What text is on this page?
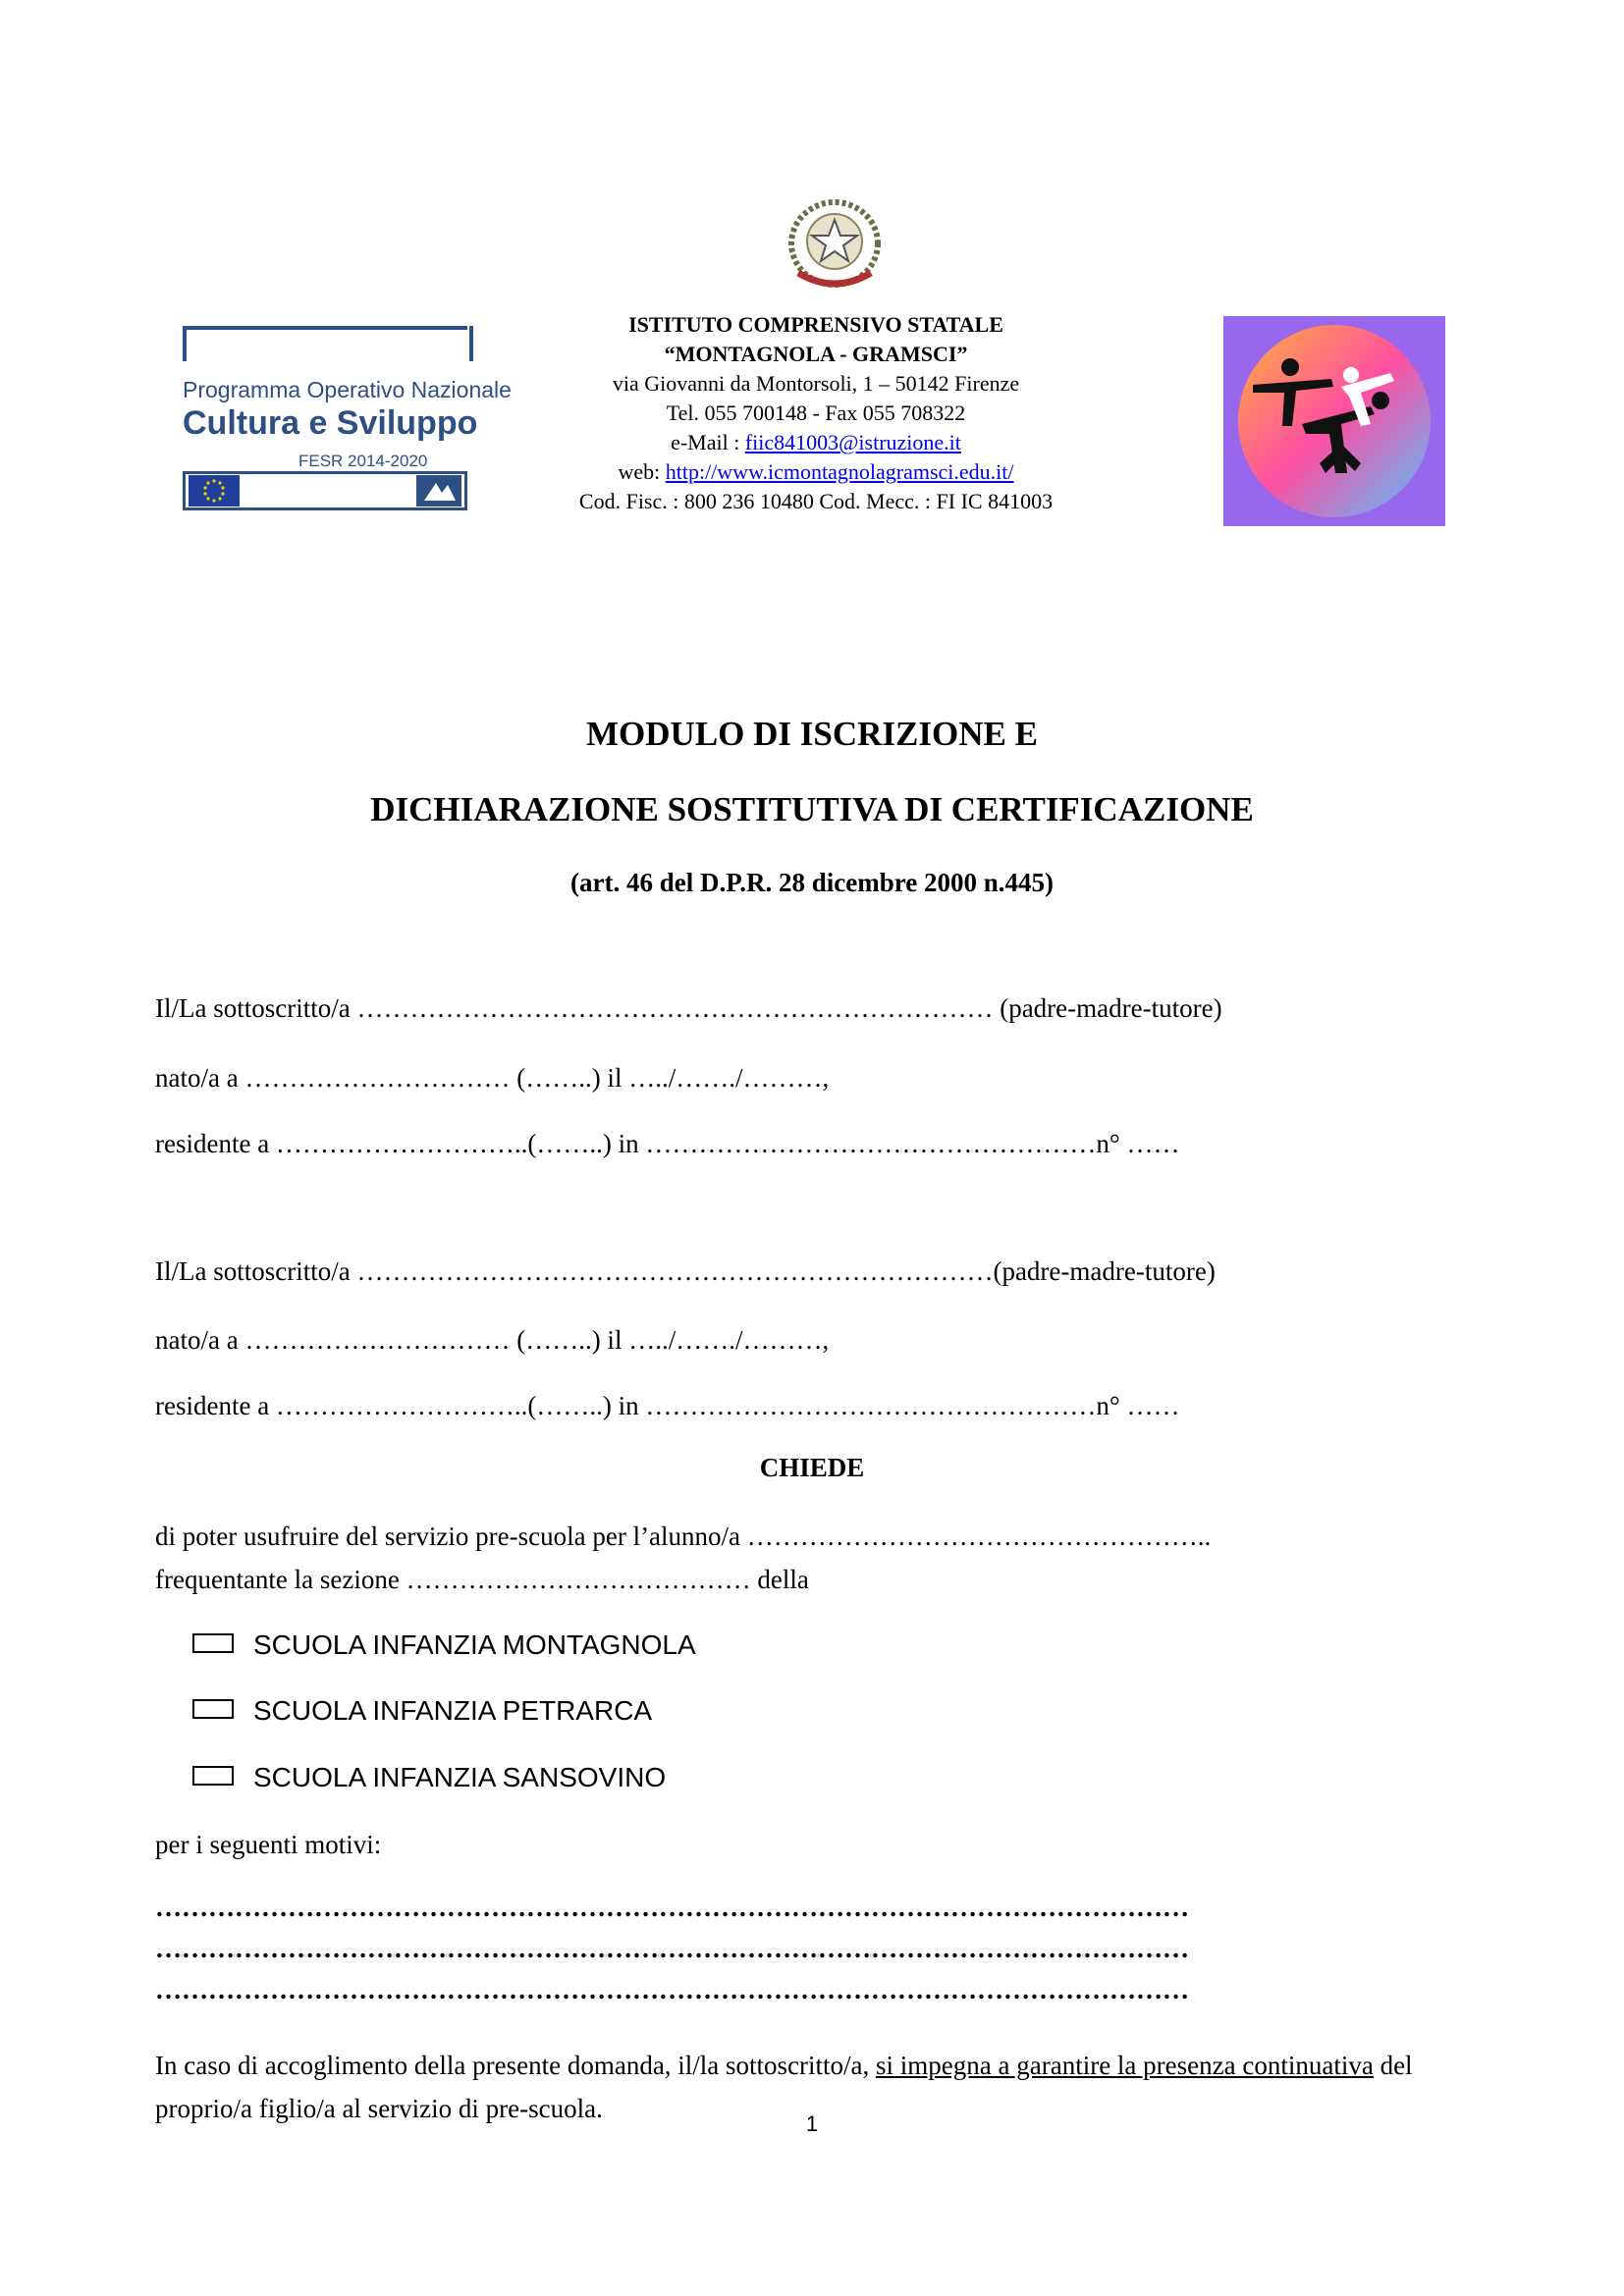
Programma Operativo Nazionale
Cultura e Sviluppo
FESR 2014-2020
ISTITUTO COMPRENSIVO STATALE
“MONTAGNOLA - GRAMSCI”
via Giovanni da Montorsoli, 1 – 50142 Firenze
Tel. 055 700148 - Fax 055 708322
e-Mail : fiic841003@istruzione.it
web: http://www.icmontagnolagramsci.edu.it/
Cod. Fisc. : 800 236 10480 Cod. Mecc. : FI IC 841003
MODULO DI ISCRIZIONE E
DICHIARAZIONE SOSTITUTIVA DI CERTIFICAZIONE
(art. 46 del D.P.R. 28 dicembre 2000 n.445)
Il/La sottoscritto/a ……………………………………………………………… (padre-madre-tutore)
nato/a a ………………………… (……..) il …../……./………,
residente a ………………………..(……..) in ……………………………………………n° ……
Il/La sottoscritto/a ………………………………………………………………(padre-madre-tutore)
nato/a a ………………………… (……..) il …../……./………,
residente a ………………………..(……..) in ……………………………………………n° ……
CHIEDE
di poter usufruire del servizio pre-scuola per l’alunno/a ……………………………………………..
frequentante la sezione ………………………………… della
SCUOLA INFANZIA MONTAGNOLA
SCUOLA INFANZIA PETRARCA
SCUOLA INFANZIA SANSOVINO
per i seguenti motivi:
………………………………………………………………………………………………………
………………………………………………………………………………………………………
………………………………………………………………………………………………………
In caso di accoglimento della presente domanda, il/la sottoscritto/a, si impegna a garantire la presenza continuativa del proprio/a figlio/a al servizio di pre-scuola.
1
